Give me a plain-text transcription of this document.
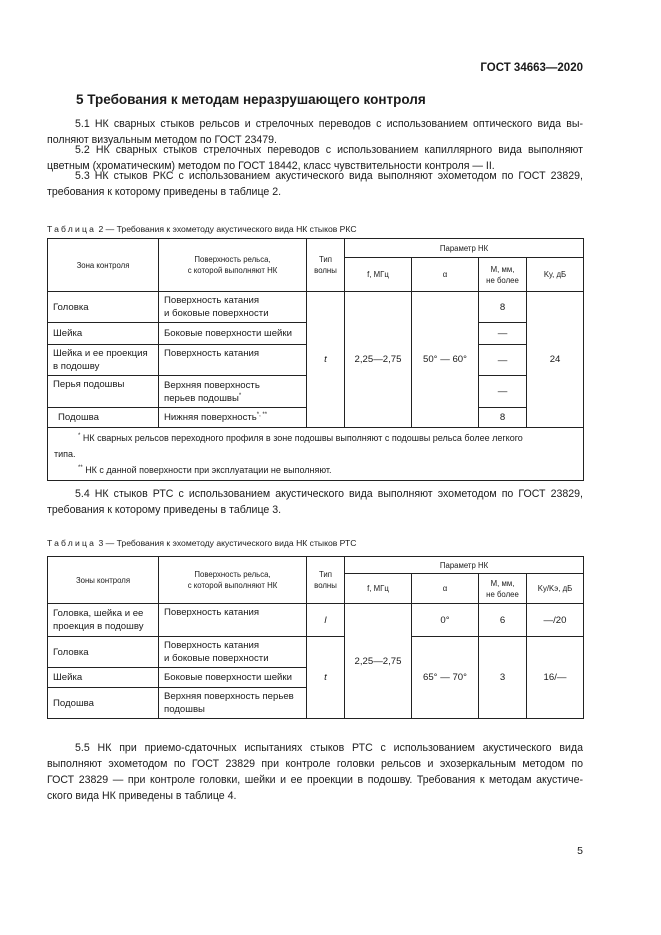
ГОСТ 34663—2020
5 Требования к методам неразрушающего контроля
5.1 НК сварных стыков рельсов и стрелочных переводов с использованием оптического вида вы-
полняют визуальным методом по ГОСТ 23479.
5.2 НК сварных стыков стрелочных переводов с использованием капиллярного вида выполняют
цветным (хроматическим) методом по ГОСТ 18442, класс чувствительности контроля — II.
5.3 НК стыков РКС с использованием акустического вида выполняют эхометодом по ГОСТ 23829,
требования к которому приведены в таблице 2.
Таблица 2 — Требования к эхометоду акустического вида НК стыков РКС
Зона контроля	Поверхность рельса,
с которой выполняют НК	Тип
волны	Параметр НК			
			f, МГц	α	M, мм,
не более	Kу, дБ
Головка	Поверхность катания
и боковые поверхности	t	2,25—2,75	50° — 60°	8	24
Шейка	Боковые поверхности шейки				—	
Шейка и ее проекция
в подошву	Поверхность катания				—	
Перья подошвы	Верхняя поверхность
перьев подошвы*				—	
Подошва	Нижняя поверхность*, **				8	
* НК сварных рельсов переходного профиля в зоне подошвы выполняют с подошвы рельса более легкого
типа.
** НК с данной поверхности при эксплуатации не выполняют.						
5.4 НК стыков РТС с использованием акустического вида выполняют эхометодом по ГОСТ 23829,
требования к которому приведены в таблице 3.
Таблица 3 — Требования к эхометоду акустического вида НК стыков РТС
Зоны контроля	Поверхность рельса,
с которой выполняют НК	Тип
волны	Параметр НК			
			f, МГц	α	M, мм,
не более	Kу/Kэ, дБ
Головка, шейка и ее
проекция в подошву	Поверхность катания	l	2,25—2,75	0°	6	—/20
Головка	Поверхность катания
и боковые поверхности	t		65° — 70°	3	16/—
Шейка	Боковые поверхности шейки					
Подошва	Верхняя поверхность перьев
подошвы					
5.5 НК при приемо-сдаточных испытаниях стыков РТС с использованием акустического вида
выполняют эхометодом по ГОСТ 23829 при контроле головки рельсов и эхозеркальным методом по
ГОСТ 23829 — при контроле головки, шейки и ее проекции в подошву. Требования к методам акустиче-
ского вида НК приведены в таблице 4.
5
